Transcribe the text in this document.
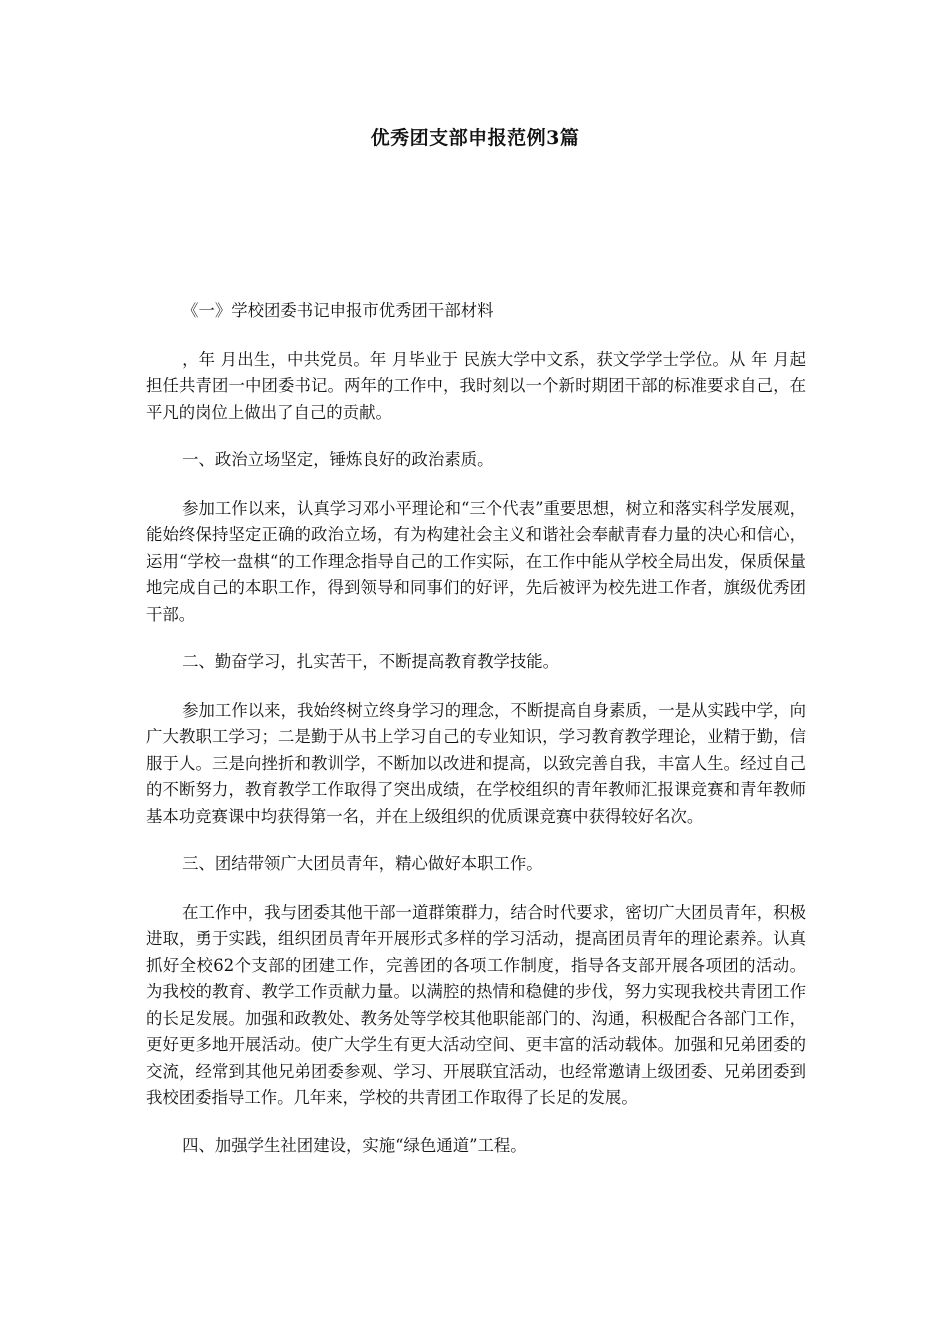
优秀团支部申报范例3篇

《一》学校团委书记申报市优秀团干部材料

，年 月出生，中共党员。年 月毕业于 民族大学中文系，获文学学士学位。从 年 月起担任共青团一中团委书记。两年的工作中，我时刻以一个新时期团干部的标准要求自己，在平凡的岗位上做出了自己的贡献。

一、政治立场坚定，锤炼良好的政治素质。

参加工作以来，认真学习邓小平理论和“三个代表”重要思想，树立和落实科学发展观，能始终保持坚定正确的政治立场，有为构建社会主义和谐社会奉献青春力量的决心和信心，运用“学校一盘棋“的工作理念指导自己的工作实际，在工作中能从学校全局出发，保质保量地完成自己的本职工作，得到领导和同事们的好评，先后被评为校先进工作者，旗级优秀团干部。

二、勤奋学习，扎实苦干，不断提高教育教学技能。

参加工作以来，我始终树立终身学习的理念，不断提高自身素质，一是从实践中学，向广大教职工学习；二是勤于从书上学习自己的专业知识，学习教育教学理论，业精于勤，信服于人。三是向挫折和教训学，不断加以改进和提高，以致完善自我，丰富人生。经过自己的不断努力，教育教学工作取得了突出成绩，在学校组织的青年教师汇报课竞赛和青年教师基本功竞赛课中均获得第一名，并在上级组织的优质课竞赛中获得较好名次。

三、团结带领广大团员青年，精心做好本职工作。

在工作中，我与团委其他干部一道群策群力，结合时代要求，密切广大团员青年，积极进取，勇于实践，组织团员青年开展形式多样的学习活动，提高团员青年的理论素养。认真抓好全校62个支部的团建工作，完善团的各项工作制度，指导各支部开展各项团的活动。为我校的教育、教学工作贡献力量。以满腔的热情和稳健的步伐，努力实现我校共青团工作的长足发展。加强和政教处、教务处等学校其他职能部门的、沟通，积极配合各部门工作，更好更多地开展活动。使广大学生有更大活动空间、更丰富的活动载体。加强和兄弟团委的交流，经常到其他兄弟团委参观、学习、开展联宜活动，也经常邀请上级团委、兄弟团委到我校团委指导工作。几年来，学校的共青团工作取得了长足的发展。

四、加强学生社团建设，实施“绿色通道”工程。
